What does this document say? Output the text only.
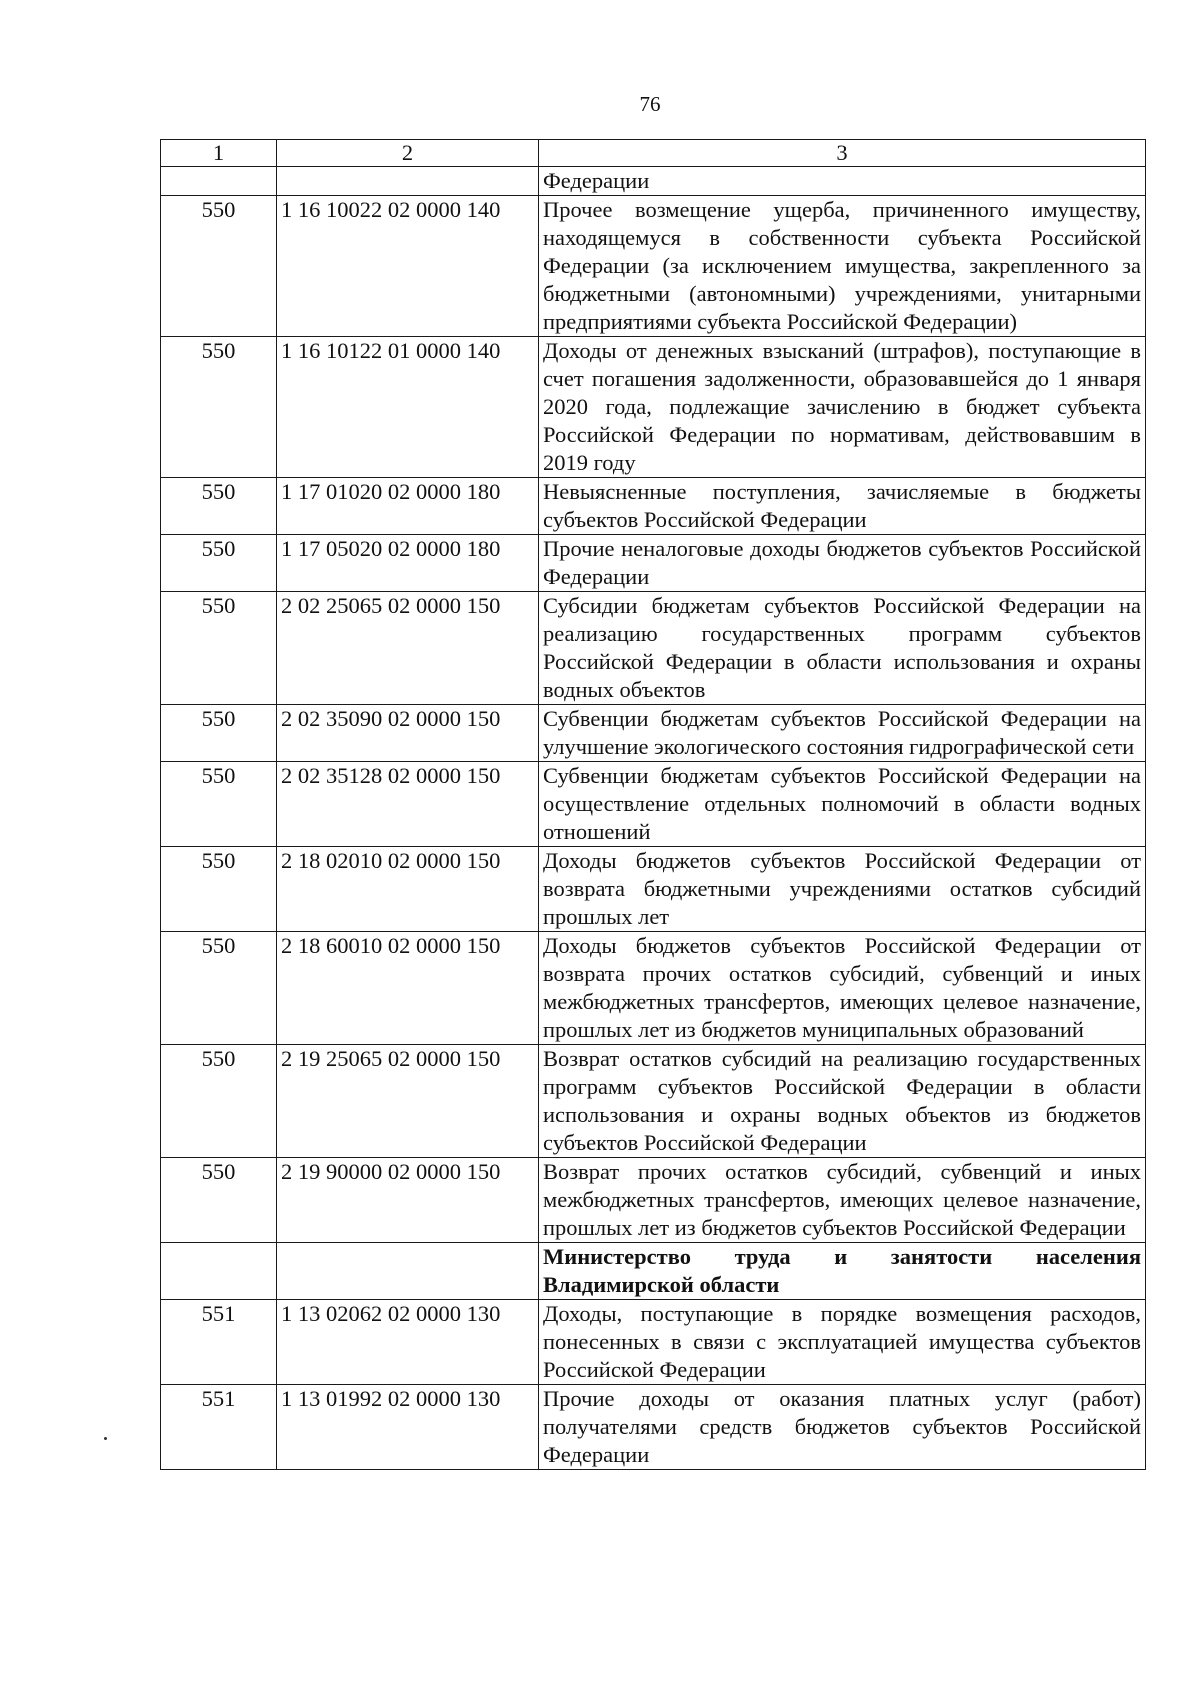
76
1	2	3
		Федерации
550	1 16 10022 02 0000 140	Прочее возмещение ущерба, причиненного имуществу, находящемуся в собственности субъекта Российской Федерации (за исключением имущества, закрепленного за бюджетными (автономными) учреждениями, унитарными предприятиями субъекта Российской Федерации)
550	1 16 10122 01 0000 140	Доходы от денежных взысканий (штрафов), поступающие в счет погашения задолженности, образовавшейся до 1 января 2020 года, подлежащие зачислению в бюджет субъекта Российской Федерации по нормативам, действовавшим в 2019 году
550	1 17 01020 02 0000 180	Невыясненные поступления, зачисляемые в бюджеты субъектов Российской Федерации
550	1 17 05020 02 0000 180	Прочие неналоговые доходы бюджетов субъектов Российской Федерации
550	2 02 25065 02 0000 150	Субсидии бюджетам субъектов Российской Федерации на реализацию государственных программ субъектов Российской Федерации в области использования и охраны водных объектов
550	2 02 35090 02 0000 150	Субвенции бюджетам субъектов Российской Федерации на улучшение экологического состояния гидрографической сети
550	2 02 35128 02 0000 150	Субвенции бюджетам субъектов Российской Федерации на осуществление отдельных полномочий в области водных отношений
550	2 18 02010 02 0000 150	Доходы бюджетов субъектов Российской Федерации от возврата бюджетными учреждениями остатков субсидий прошлых лет
550	2 18 60010 02 0000 150	Доходы бюджетов субъектов Российской Федерации от возврата прочих остатков субсидий, субвенций и иных межбюджетных трансфертов, имеющих целевое назначение, прошлых лет из бюджетов муниципальных образований
550	2 19 25065 02 0000 150	Возврат остатков субсидий на реализацию государственных программ субъектов Российской Федерации в области использования и охраны водных объектов из бюджетов субъектов Российской Федерации
550	2 19 90000 02 0000 150	Возврат прочих остатков субсидий, субвенций и иных межбюджетных трансфертов, имеющих целевое назначение, прошлых лет из бюджетов субъектов Российской Федерации
		Министерство труда и занятости населения Владимирской области
551	1 13 02062 02 0000 130	Доходы, поступающие в порядке возмещения расходов, понесенных в связи с эксплуатацией имущества субъектов Российской Федерации
551	1 13 01992 02 0000 130	Прочие доходы от оказания платных услуг (работ) получателями средств бюджетов субъектов Российской Федерации
